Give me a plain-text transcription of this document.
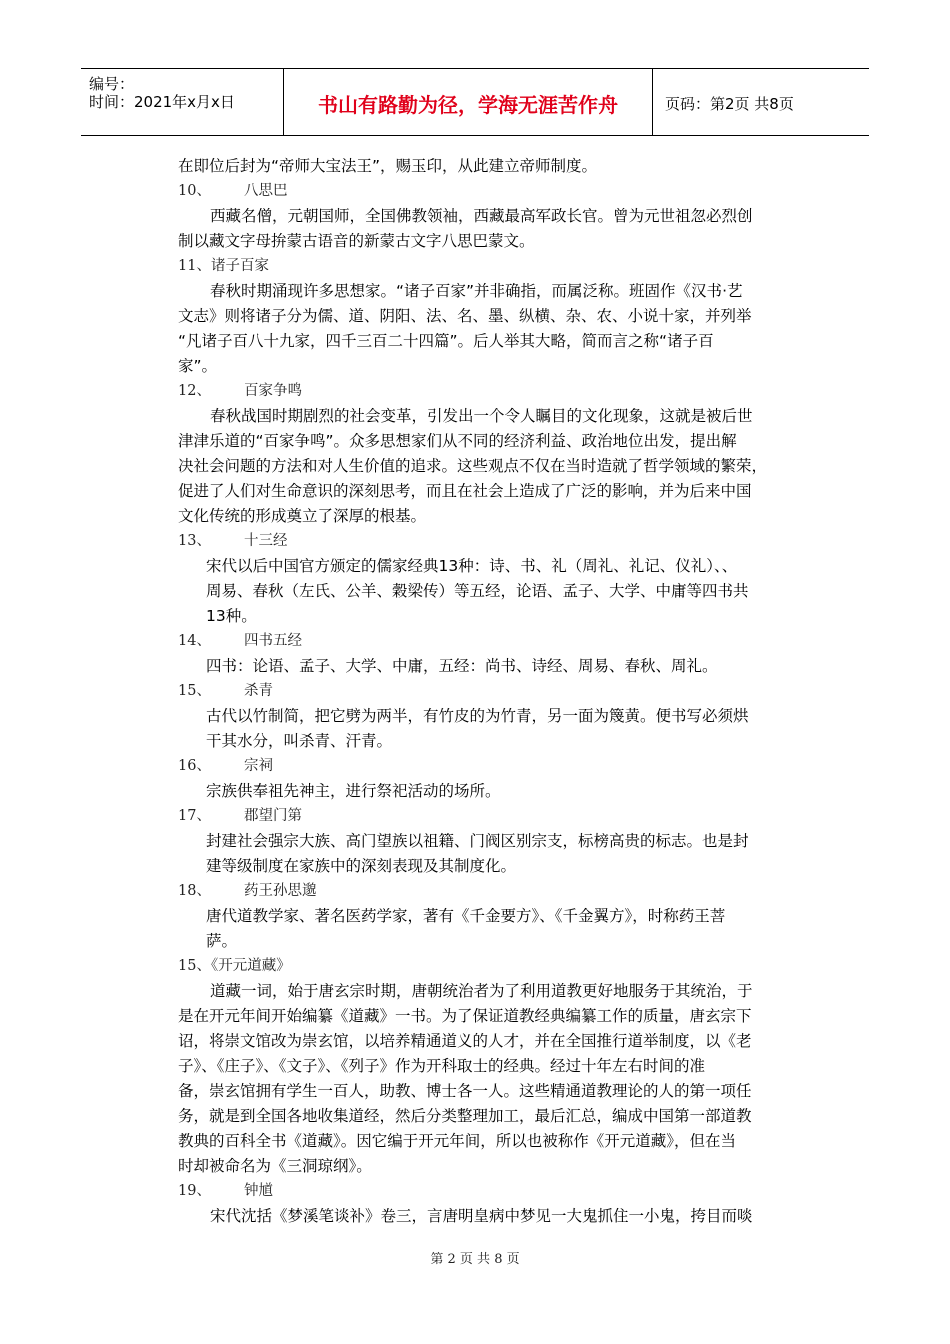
编号：
时间：2021年x月x日	书山有路勤为径，学海无涯苦作舟	页码：第2页 共8页
在即位后封为“帝师大宝法王”，赐玉印，从此建立帝师制度。
10、 八思巴
西藏名僧，元朝国师，全国佛教领袖，西藏最高军政长官。曾为元世祖忽必烈创
制以藏文字母拚蒙古语音的新蒙古文字八思巴蒙文。
11、诸子百家
春秋时期涌现许多思想家。“诸子百家”并非确指，而属泛称。班固作《汉书·艺
文志》则将诸子分为儒、道、阴阳、法、名、墨、纵横、杂、农、小说十家，并列举
“凡诸子百八十九家，四千三百二十四篇”。后人举其大略，简而言之称“诸子百
家”。
12、 百家争鸣
春秋战国时期剧烈的社会变革，引发出一个令人瞩目的文化现象，这就是被后世
津津乐道的“百家争鸣”。众多思想家们从不同的经济利益、政治地位出发，提出解
决社会问题的方法和对人生价值的追求。这些观点不仅在当时造就了哲学领域的繁荣，
促进了人们对生命意识的深刻思考，而且在社会上造成了广泛的影响，并为后来中国
文化传统的形成奠立了深厚的根基。
13、 十三经
宋代以后中国官方颁定的儒家经典13种：诗、书、礼（周礼、礼记、仪礼）、、
周易、春秋（左氏、公羊、穀梁传）等五经，论语、孟子、大学、中庸等四书共
13种。
14、 四书五经
四书：论语、孟子、大学、中庸，五经：尚书、诗经、周易、春秋、周礼。
15、 杀青
古代以竹制简，把它劈为两半，有竹皮的为竹青，另一面为篾黄。便书写必须烘
干其水分，叫杀青、汗青。
16、 宗祠
宗族供奉祖先神主，进行祭祀活动的场所。
17、 郡望门第
封建社会强宗大族、高门望族以祖籍、门阀区别宗支，标榜高贵的标志。也是封
建等级制度在家族中的深刻表现及其制度化。
18、 药王孙思邈
唐代道教学家、著名医药学家，著有《千金要方》、《千金翼方》，时称药王菩
萨。
15、《开元道藏》
道藏一词，始于唐玄宗时期，唐朝统治者为了利用道教更好地服务于其统治，于
是在开元年间开始编纂《道藏》一书。为了保证道教经典编纂工作的质量，唐玄宗下
诏，将崇文馆改为崇玄馆，以培养精通道义的人才，并在全国推行道举制度，以《老
子》、《庄子》、《文子》、《列子》作为开科取士的经典。经过十年左右时间的准
备，崇玄馆拥有学生一百人，助教、博士各一人。这些精通道教理论的人的第一项任
务，就是到全国各地收集道经，然后分类整理加工，最后汇总，编成中国第一部道教
教典的百科全书《道藏》。因它编于开元年间，所以也被称作《开元道藏》，但在当
时却被命名为《三洞琼纲》。
19、 钟馗
宋代沈括《梦溪笔谈补》卷三，言唐明皇病中梦见一大鬼抓住一小鬼，挎目而啖
第 2 页 共 8 页
